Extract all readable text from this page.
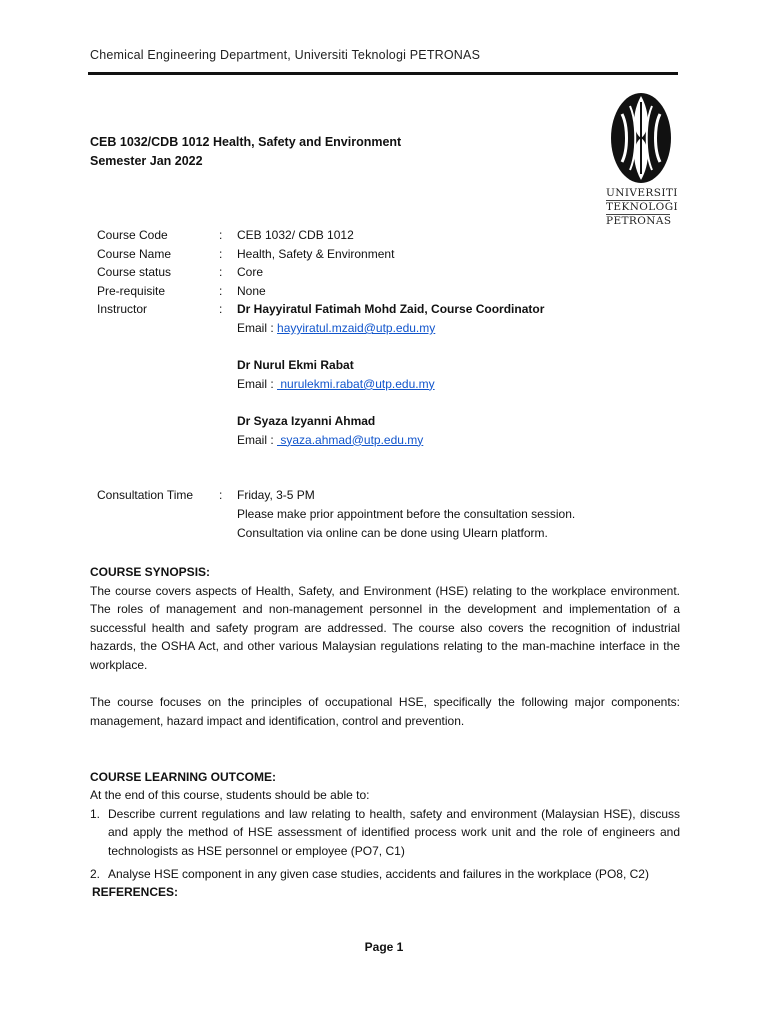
Chemical Engineering Department, Universiti Teknologi PETRONAS
UNIVERSITI
TEKNOLOGI
PETRONAS
CEB 1032/CDB 1012 Health, Safety and Environment
Semester Jan 2022
Course Code	:	CEB 1032/ CDB 1012
Course Name	:	Health, Safety & Environment
Course status	:	Core
Pre-requisite	:	None
Instructor	:	Dr Hayyiratul Fatimah Mohd Zaid, Course Coordinator
Email : hayyiratul.mzaid@utp.edu.my
Dr Nurul Ekmi Rabat
Email :  nurulekmi.rabat@utp.edu.my
Dr Syaza Izyanni Ahmad
Email :  syaza.ahmad@utp.edu.my
Consultation Time	:	Friday, 3-5 PM
Please make prior appointment before the consultation session.
Consultation via online can be done using Ulearn platform.
COURSE SYNOPSIS:
The course covers aspects of Health, Safety, and Environment (HSE) relating to the workplace environment. The roles of management and non-management personnel in the development and implementation of a successful health and safety program are addressed. The course also covers the recognition of industrial hazards, the OSHA Act, and other various Malaysian regulations relating to the man-machine interface in the workplace.
The course focuses on the principles of occupational HSE, specifically the following major components: management, hazard impact and identification, control and prevention.
COURSE LEARNING OUTCOME:
At the end of this course, students should be able to:
1. Describe current regulations and law relating to health, safety and environment (Malaysian HSE), discuss and apply the method of HSE assessment of identified process work unit and the role of engineers and technologists as HSE personnel or employee (PO7, C1)
2. Analyse HSE component in any given case studies, accidents and failures in the workplace (PO8, C2)
REFERENCES:
Page 1
